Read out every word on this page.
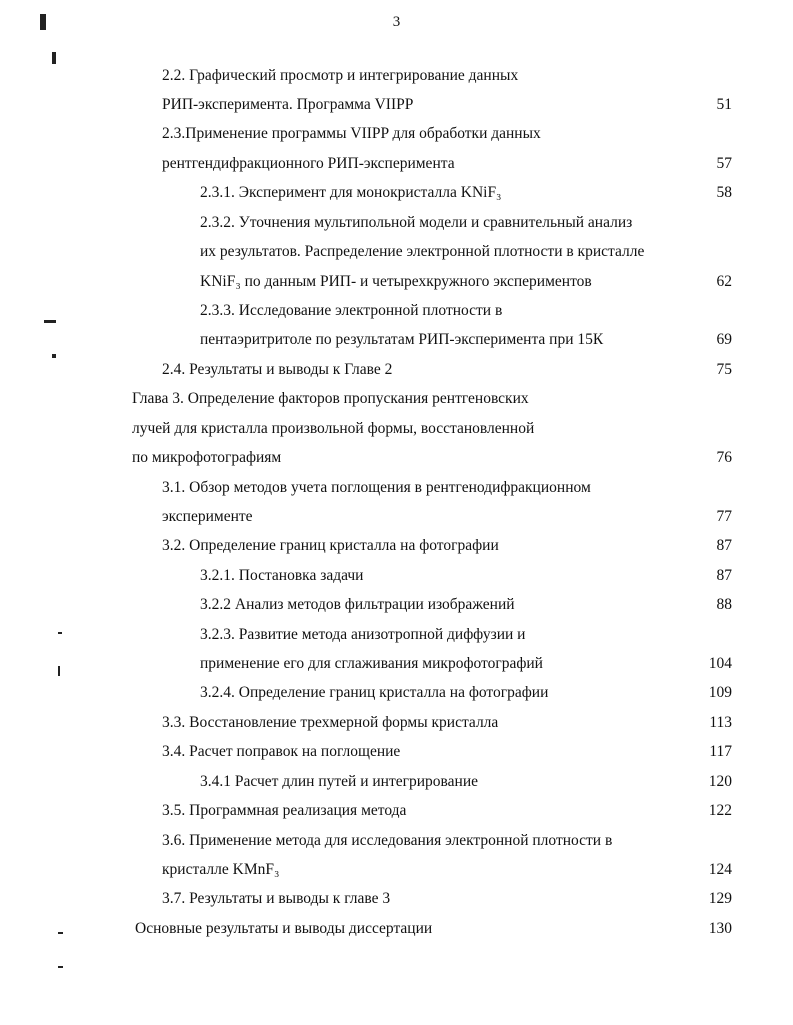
3
2.2. Графический просмотр и интегрирование данных
РИП-эксперимента. Программа VIIPP	51
2.3.Применение программы VIIPP для обработки данных
рентгендифракционного РИП-эксперимента	57
2.3.1. Эксперимент для монокристалла KNiF₃	58
2.3.2. Уточнения мультипольной модели и сравнительный анализ
их результатов. Распределение электронной плотности в кристалле
KNiF₃ по данным РИП- и четырехкружного экспериментов	62
2.3.3. Исследование электронной плотности в
пентаэритритоле по результатам РИП-эксперимента при 15К	69
2.4. Результаты и выводы к Главе 2	75
Глава 3. Определение факторов пропускания рентгеновских
лучей для кристалла произвольной формы, восстановленной
по микрофотографиям	76
3.1. Обзор методов учета поглощения в рентгенодифракционном
эксперименте	77
3.2. Определение границ кристалла на фотографии	87
3.2.1. Постановка задачи	87
3.2.2 Анализ методов фильтрации изображений	88
3.2.3. Развитие метода анизотропной диффузии и
применение его для сглаживания микрофотографий	104
3.2.4. Определение границ кристалла на фотографии	109
3.3. Восстановление трехмерной формы кристалла	113
3.4. Расчет поправок на поглощение	117
3.4.1 Расчет длин путей и интегрирование	120
3.5. Программная реализация метода	122
3.6. Применение метода для исследования электронной плотности в
кристалле KMnF₃	124
3.7. Результаты и выводы к главе 3	129
Основные результаты и выводы диссертации	130
